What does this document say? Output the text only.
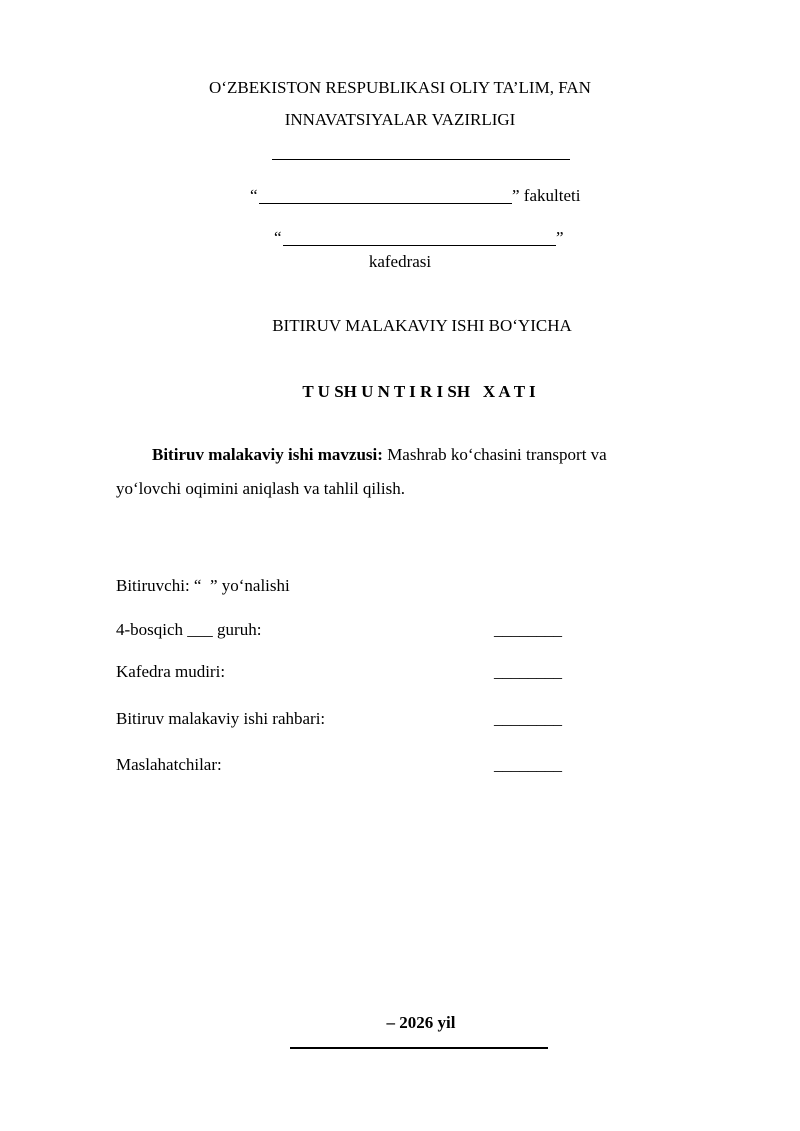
O‘ZBEKISTON RESPUBLIKASI OLIY TA’LIM, FAN
INNAVATSIYALAR VAZIRLIGI
“	” fakulteti
“	”
kafedrasi
BITIRUV MALAKAVIY ISHI BO‘YICHA
T U SH U N T I R I SH   X A T I
Bitiruv malakaviy ishi mavzusi: Mashrab ko‘chasini transport va
yo‘lovchi oqimini aniqlash va tahlil qilish.
Bitiruvchi: “  ” yo‘nalishi
4-bosqich ___ guruh:	________
Kafedra mudiri:	________
Bitiruv malakaviy ishi rahbari:	________
Maslahatchilar:	________
– 2026 yil
